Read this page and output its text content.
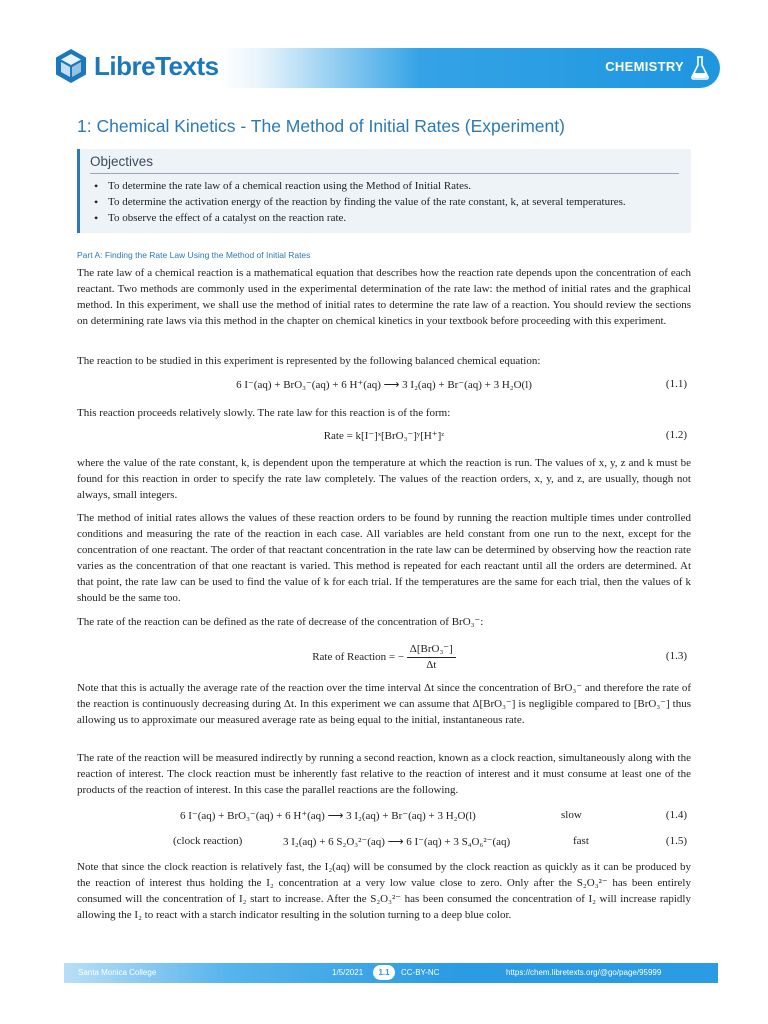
LibreTexts	CHEMISTRY
1: Chemical Kinetics - The Method of Initial Rates (Experiment)
Objectives
• To determine the rate law of a chemical reaction using the Method of Initial Rates.
• To determine the activation energy of the reaction by finding the value of the rate constant, k, at several temperatures.
• To observe the effect of a catalyst on the reaction rate.
Part A: Finding the Rate Law Using the Method of Initial Rates

The rate law of a chemical reaction is a mathematical equation that describes how the reaction rate depends upon the concentration of each reactant. Two methods are commonly used in the experimental determination of the rate law: the method of initial rates and the graphical method. In this experiment, we shall use the method of initial rates to determine the rate law of a reaction. You should review the sections on determining rate laws via this method in the chapter on chemical kinetics in your textbook before proceeding with this experiment.

The reaction to be studied in this experiment is represented by the following balanced chemical equation:

6 I⁻(aq) + BrO₃⁻(aq) + 6 H⁺(aq) ⟶ 3 I₂(aq) + Br⁻(aq) + 3 H₂O(l)	(1.1)

This reaction proceeds relatively slowly. The rate law for this reaction is of the form:

Rate = k[I⁻]ˣ[BrO₃⁻]ʸ[H⁺]ᶻ	(1.2)

where the value of the rate constant, k, is dependent upon the temperature at which the reaction is run. The values of x, y, z and k must be found for this reaction in order to specify the rate law completely. The values of the reaction orders, x, y, and z, are usually, though not always, small integers.

The method of initial rates allows the values of these reaction orders to be found by running the reaction multiple times under controlled conditions and measuring the rate of the reaction in each case. All variables are held constant from one run to the next, except for the concentration of one reactant. The order of that reactant concentration in the rate law can be determined by observing how the reaction rate varies as the concentration of that one reactant is varied. This method is repeated for each reactant until all the orders are determined. At that point, the rate law can be used to find the value of k for each trial. If the temperatures are the same for each trial, then the values of k should be the same too.

The rate of the reaction can be defined as the rate of decrease of the concentration of BrO₃⁻:

Rate of Reaction = − $\frac{\text{Δ[BrO₃⁻]}}{\Delta t}$	(1.3)

Note that this is actually the average rate of the reaction over the time interval Δt since the concentration of BrO₃⁻ and therefore the rate of the reaction is continuously decreasing during Δt. In this experiment we can assume that Δ[BrO₃⁻] is negligible compared to [BrO₃⁻] thus allowing us to approximate our measured average rate as being equal to the initial, instantaneous rate.

The rate of the reaction will be measured indirectly by running a second reaction, known as a clock reaction, simultaneously along with the reaction of interest. The clock reaction must be inherently fast relative to the reaction of interest and it must consume at least one of the products of the reaction of interest. In this case the parallel reactions are the following.

6 I⁻(aq) + BrO₃⁻(aq) + 6 H⁺(aq) ⟶ 3 I₂(aq) + Br⁻(aq) + 3 H₂O(l)	slow	(1.4)
(clock reaction)	3 I₂(aq) + 6 S₂O₃²⁻(aq) ⟶ 6 I⁻(aq) + 3 S₄O₆²⁻(aq)	fast	(1.5)

Note that since the clock reaction is relatively fast, the I₂(aq) will be consumed by the clock reaction as quickly as it can be produced by the reaction of interest thus holding the I₂ concentration at a very low value close to zero. Only after the S₂O₃²⁻ has been entirely consumed will the concentration of I₂ start to increase. After the S₂O₃²⁻ has been consumed the concentration of I₂ will increase rapidly allowing the I₂ to react with a starch indicator resulting in the solution turning to a deep blue color.

Santa Monica College	1/5/2021	1.1	CC-BY-NC	https://chem.libretexts.org/@go/page/95999
